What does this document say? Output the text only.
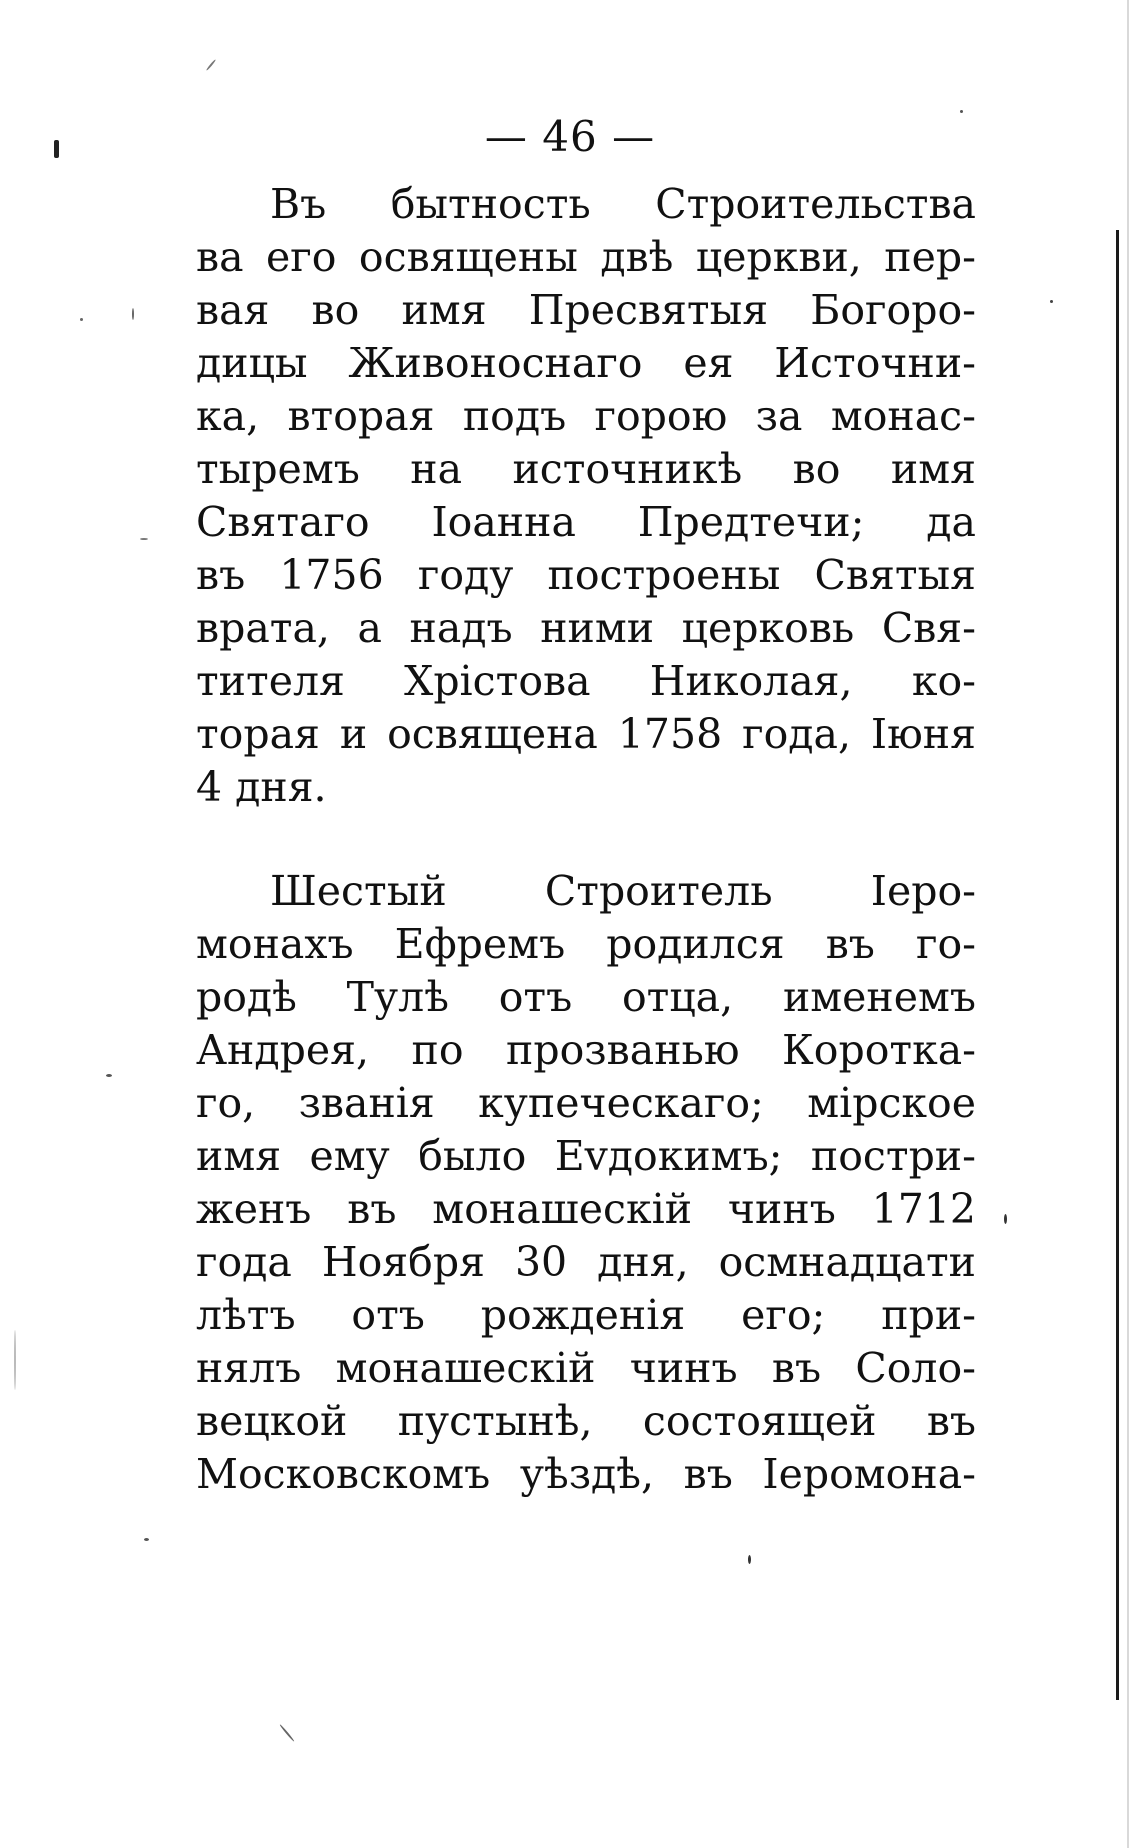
— 46 —
Въ бытность Строительства
ва его освящены двѣ церкви, пер-
вая во имя Пресвятыя Богоро-
дицы Живоноснаго ея Источни-
ка, вторая подъ горою за монас-
тыремъ на источникѣ во имя
Святаго Іоанна Предтечи; да
въ 1756 году построены Святыя
врата, а надъ ними церковь Свя-
тителя Хрістова Николая, ко-
торая и освящена 1758 года, Іюня
4 дня.
Шестый Строитель Іеро-
монахъ Ефремъ родился въ го-
родѣ Тулѣ отъ отца, именемъ
Андрея, по прозванью Коротка-
го, званія купеческаго; мірское
имя ему было Еvдокимъ; постри-
женъ въ монашескій чинъ 1712
года Ноября 30 дня, осмнадцати
лѣтъ отъ рожденія его; при-
нялъ монашескій чинъ въ Соло-
вецкой пустынѣ, состоящей въ
Московскомъ уѣздѣ, въ Іеромона-
